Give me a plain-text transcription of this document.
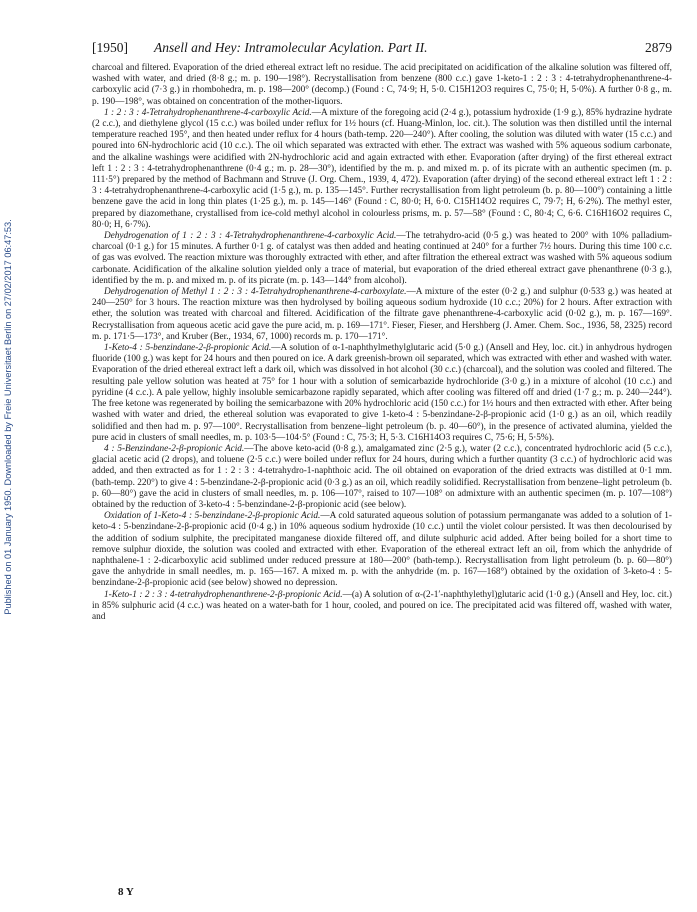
Published on 01 January 1950. Downloaded by Freie Universitaet Berlin on 27/02/2017 06:47:53.
[1950]	Ansell and Hey: Intramolecular Acylation. Part II.	2879

charcoal and filtered. Evaporation of the dried ethereal extract left no residue. The acid precipitated on acidification of the alkaline solution was filtered off, washed with water, and dried (8·8 g.; m. p. 190—198°). Recrystallisation from benzene (800 c.c.) gave 1-keto-1 : 2 : 3 : 4-tetrahydrophenanthrene-4-carboxylic acid (7·3 g.) in rhombohedra, m. p. 198—200° (decomp.) (Found : C, 74·9; H, 5·0. C15H12O3 requires C, 75·0; H, 5·0%). A further 0·8 g., m. p. 190—198°, was obtained on concentration of the mother-liquors.

1 : 2 : 3 : 4-Tetrahydrophenanthrene-4-carboxylic Acid.—A mixture of the foregoing acid (2·4 g.), potassium hydroxide (1·9 g.), 85% hydrazine hydrate (2 c.c.), and diethylene glycol (15 c.c.) was boiled under reflux for 1½ hours (cf. Huang-Minlon, loc. cit.). The solution was then distilled until the internal temperature reached 195°, and then heated under reflux for 4 hours (bath-temp. 220—240°). After cooling, the solution was diluted with water (15 c.c.) and poured into 6N-hydrochloric acid (10 c.c.). The oil which separated was extracted with ether. The extract was washed with 5% aqueous sodium carbonate, and the alkaline washings were acidified with 2N-hydrochloric acid and again extracted with ether. Evaporation (after drying) of the first ethereal extract left 1 : 2 : 3 : 4-tetrahydrophenanthrene (0·4 g.; m. p. 28—30°), identified by the m. p. and mixed m. p. of its picrate with an authentic specimen (m. p. 111·5°) prepared by the method of Bachmann and Struve (J. Org. Chem., 1939, 4, 472). Evaporation (after drying) of the second ethereal extract left 1 : 2 : 3 : 4-tetrahydrophenanthrene-4-carboxylic acid (1·5 g.), m. p. 135—145°. Further recrystallisation from light petroleum (b. p. 80—100°) containing a little benzene gave the acid in long thin plates (1·25 g.), m. p. 145—146° (Found : C, 80·0; H, 6·0. C15H14O2 requires C, 79·7; H, 6·2%). The methyl ester, prepared by diazomethane, crystallised from ice-cold methyl alcohol in colourless prisms, m. p. 57—58° (Found : C, 80·4; C, 6·6. C16H16O2 requires C, 80·0; H, 6·7%).

Dehydrogenation of 1 : 2 : 3 : 4-Tetrahydrophenanthrene-4-carboxylic Acid.—The tetrahydro-acid (0·5 g.) was heated to 200° with 10% palladium-charcoal (0·1 g.) for 15 minutes. A further 0·1 g. of catalyst was then added and heating continued at 240° for a further 7½ hours. During this time 100 c.c. of gas was evolved. The reaction mixture was thoroughly extracted with ether, and after filtration the ethereal extract was washed with 5% aqueous sodium carbonate. Acidification of the alkaline solution yielded only a trace of material, but evaporation of the dried ethereal extract gave phenanthrene (0·3 g.), identified by the m. p. and mixed m. p. of its picrate (m. p. 143—144° from alcohol).

Dehydrogenation of Methyl 1 : 2 : 3 : 4-Tetrahydrophenanthrene-4-carboxylate.—A mixture of the ester (0·2 g.) and sulphur (0·533 g.) was heated at 240—250° for 3 hours. The reaction mixture was then hydrolysed by boiling aqueous sodium hydroxide (10 c.c.; 20%) for 2 hours. After extraction with ether, the solution was treated with charcoal and filtered. Acidification of the filtrate gave phenanthrene-4-carboxylic acid (0·02 g.), m. p. 167—169°. Recrystallisation from aqueous acetic acid gave the pure acid, m. p. 169—171°. Fieser, Fieser, and Hershberg (J. Amer. Chem. Soc., 1936, 58, 2325) record m. p. 171·5—173°, and Kruber (Ber., 1934, 67, 1000) records m. p. 170—171°.

1-Keto-4 : 5-benzindane-2-β-propionic Acid.—A solution of α-1-naphthylmethylglutaric acid (5·0 g.) (Ansell and Hey, loc. cit.) in anhydrous hydrogen fluoride (100 g.) was kept for 24 hours and then poured on ice. A dark greenish-brown oil separated, which was extracted with ether and washed with water. Evaporation of the dried ethereal extract left a dark oil, which was dissolved in hot alcohol (30 c.c.) (charcoal), and the solution was cooled and filtered. The resulting pale yellow solution was heated at 75° for 1 hour with a solution of semicarbazide hydrochloride (3·0 g.) in a mixture of alcohol (10 c.c.) and pyridine (4 c.c.). A pale yellow, highly insoluble semicarbazone rapidly separated, which after cooling was filtered off and dried (1·7 g.; m. p. 240—244°). The free ketone was regenerated by boiling the semicarbazone with 20% hydrochloric acid (150 c.c.) for 1½ hours and then extracted with ether. After being washed with water and dried, the ethereal solution was evaporated to give 1-keto-4 : 5-benzindane-2-β-propionic acid (1·0 g.) as an oil, which readily solidified and then had m. p. 97—100°. Recrystallisation from benzene–light petroleum (b. p. 40—60°), in the presence of activated alumina, yielded the pure acid in clusters of small needles, m. p. 103·5—104·5° (Found : C, 75·3; H, 5·3. C16H14O3 requires C, 75·6; H, 5·5%).

4 : 5-Benzindane-2-β-propionic Acid.—The above keto-acid (0·8 g.), amalgamated zinc (2·5 g.), water (2 c.c.), concentrated hydrochloric acid (5 c.c.), glacial acetic acid (2 drops), and toluene (2·5 c.c.) were boiled under reflux for 24 hours, during which a further quantity (3 c.c.) of hydrochloric acid was added, and then extracted as for 1 : 2 : 3 : 4-tetrahydro-1-naphthoic acid. The oil obtained on evaporation of the dried extracts was distilled at 0·1 mm. (bath-temp. 220°) to give 4 : 5-benzindane-2-β-propionic acid (0·3 g.) as an oil, which readily solidified. Recrystallisation from benzene–light petroleum (b. p. 60—80°) gave the acid in clusters of small needles, m. p. 106—107°, raised to 107—108° on admixture with an authentic specimen (m. p. 107—108°) obtained by the reduction of 3-keto-4 : 5-benzindane-2-β-propionic acid (see below).

Oxidation of 1-Keto-4 : 5-benzindane-2-β-propionic Acid.—A cold saturated aqueous solution of potassium permanganate was added to a solution of 1-keto-4 : 5-benzindane-2-β-propionic acid (0·4 g.) in 10% aqueous sodium hydroxide (10 c.c.) until the violet colour persisted. It was then decolourised by the addition of sodium sulphite, the precipitated manganese dioxide filtered off, and dilute sulphuric acid added. After being boiled for a short time to remove sulphur dioxide, the solution was cooled and extracted with ether. Evaporation of the ethereal extract left an oil, from which the anhydride of naphthalene-1 : 2-dicarboxylic acid sublimed under reduced pressure at 180—200° (bath-temp.). Recrystallisation from light petroleum (b. p. 60—80°) gave the anhydride in small needles, m. p. 165—167. A mixed m. p. with the anhydride (m. p. 167—168°) obtained by the oxidation of 3-keto-4 : 5-benzindane-2-β-propionic acid (see below) showed no depression.

1-Keto-1 : 2 : 3 : 4-tetrahydrophenanthrene-2-β-propionic Acid.—(a) A solution of α-(2-1′-naphthylethyl)glutaric acid (1·0 g.) (Ansell and Hey, loc. cit.) in 85% sulphuric acid (4 c.c.) was heated on a water-bath for 1 hour, cooled, and poured on ice. The precipitated acid was filtered off, washed with water, and

8 Y
